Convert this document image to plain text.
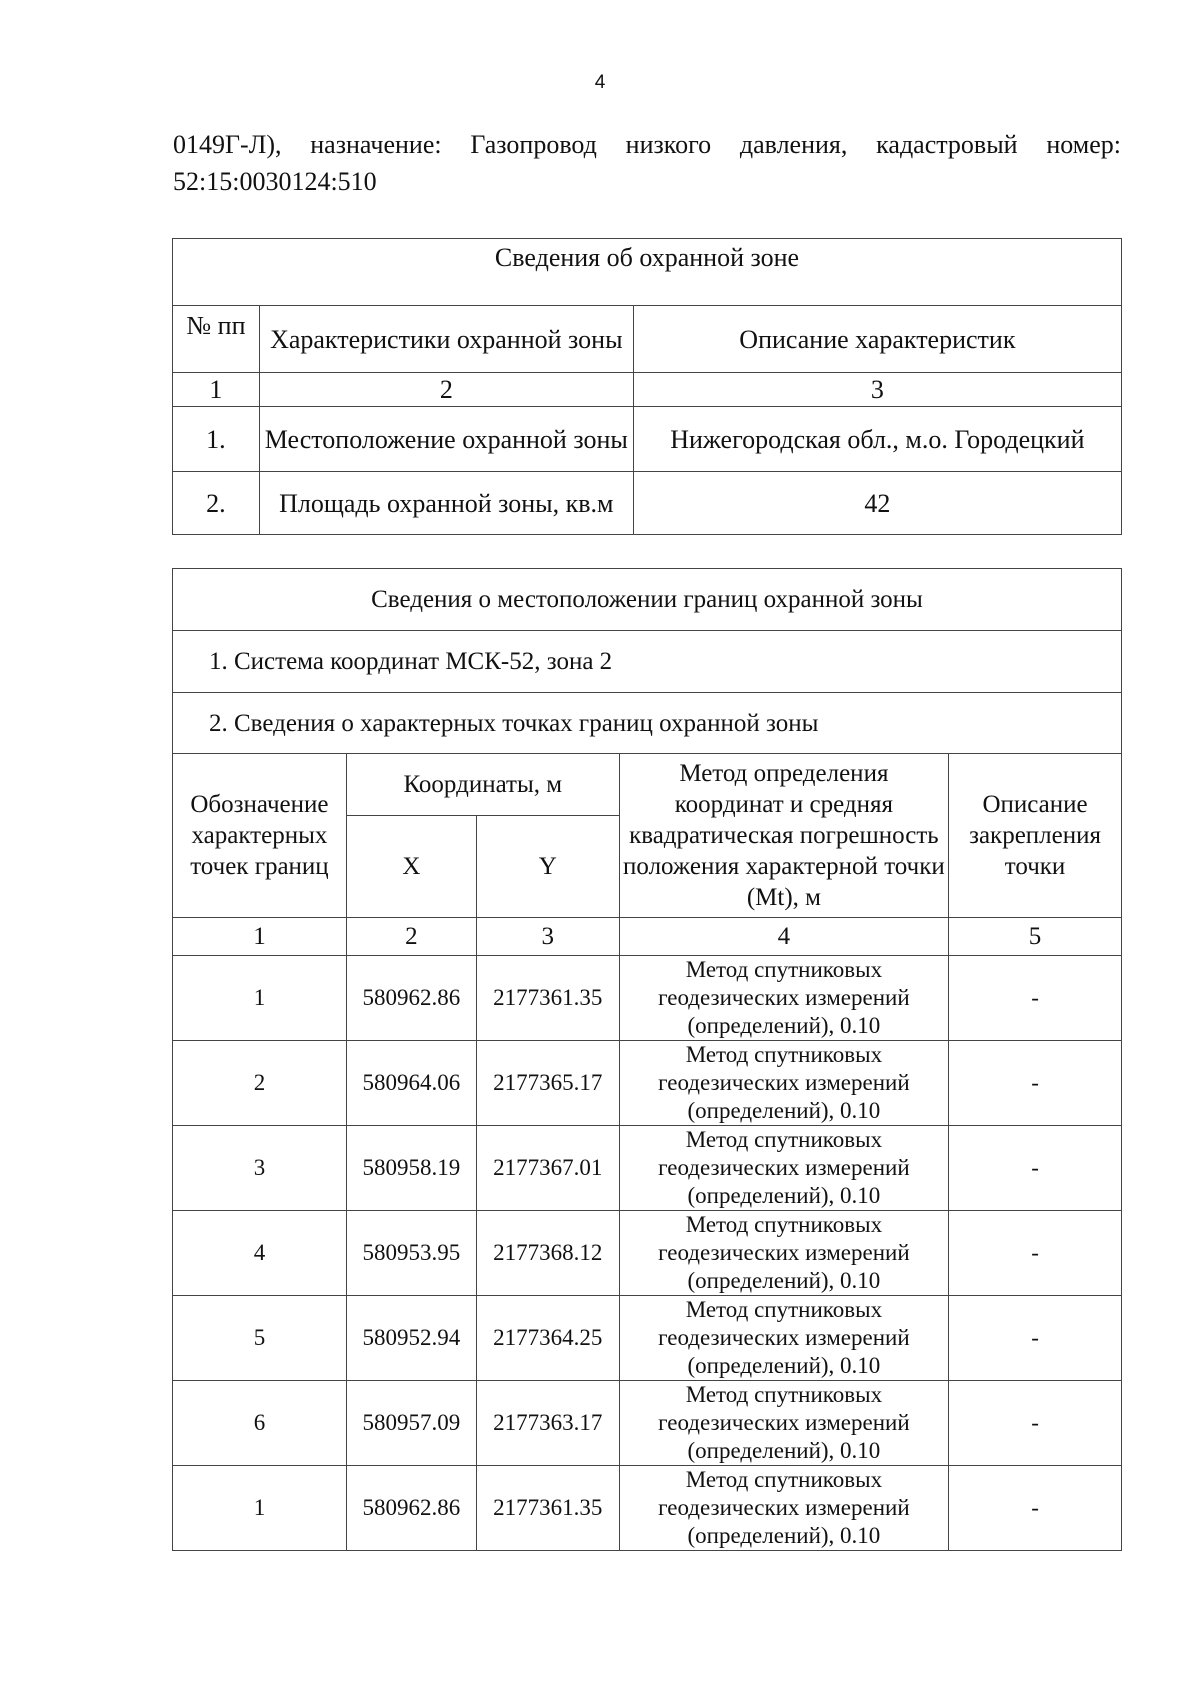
4
0149Г-Л), назначение: Газопровод низкого давления, кадастровый номер:
52:15:0030124:510
Сведения об охранной зоне		
№ пп	Характеристики охранной зоны	Описание характеристик
1	2	3
1.	Местоположение охранной зоны	Нижегородская обл., м.о. Городецкий
2.	Площадь охранной зоны, кв.м	42
Сведения о местоположении границ охранной зоны				
1. Система координат МСК-52, зона 2				
2. Сведения о характерных точках границ охранной зоны				
Обозначение характерных точек границ	Координаты, м		Метод определения координат и средняя квадратическая погрешность положения характерной точки (Mt), м	Описание закрепления точки
	X	Y		
1	2	3	4	5
1	580962.86	2177361.35	Метод спутниковых геодезических измерений (определений), 0.10	-
2	580964.06	2177365.17	Метод спутниковых геодезических измерений (определений), 0.10	-
3	580958.19	2177367.01	Метод спутниковых геодезических измерений (определений), 0.10	-
4	580953.95	2177368.12	Метод спутниковых геодезических измерений (определений), 0.10	-
5	580952.94	2177364.25	Метод спутниковых геодезических измерений (определений), 0.10	-
6	580957.09	2177363.17	Метод спутниковых геодезических измерений (определений), 0.10	-
1	580962.86	2177361.35	Метод спутниковых геодезических измерений (определений), 0.10	-
